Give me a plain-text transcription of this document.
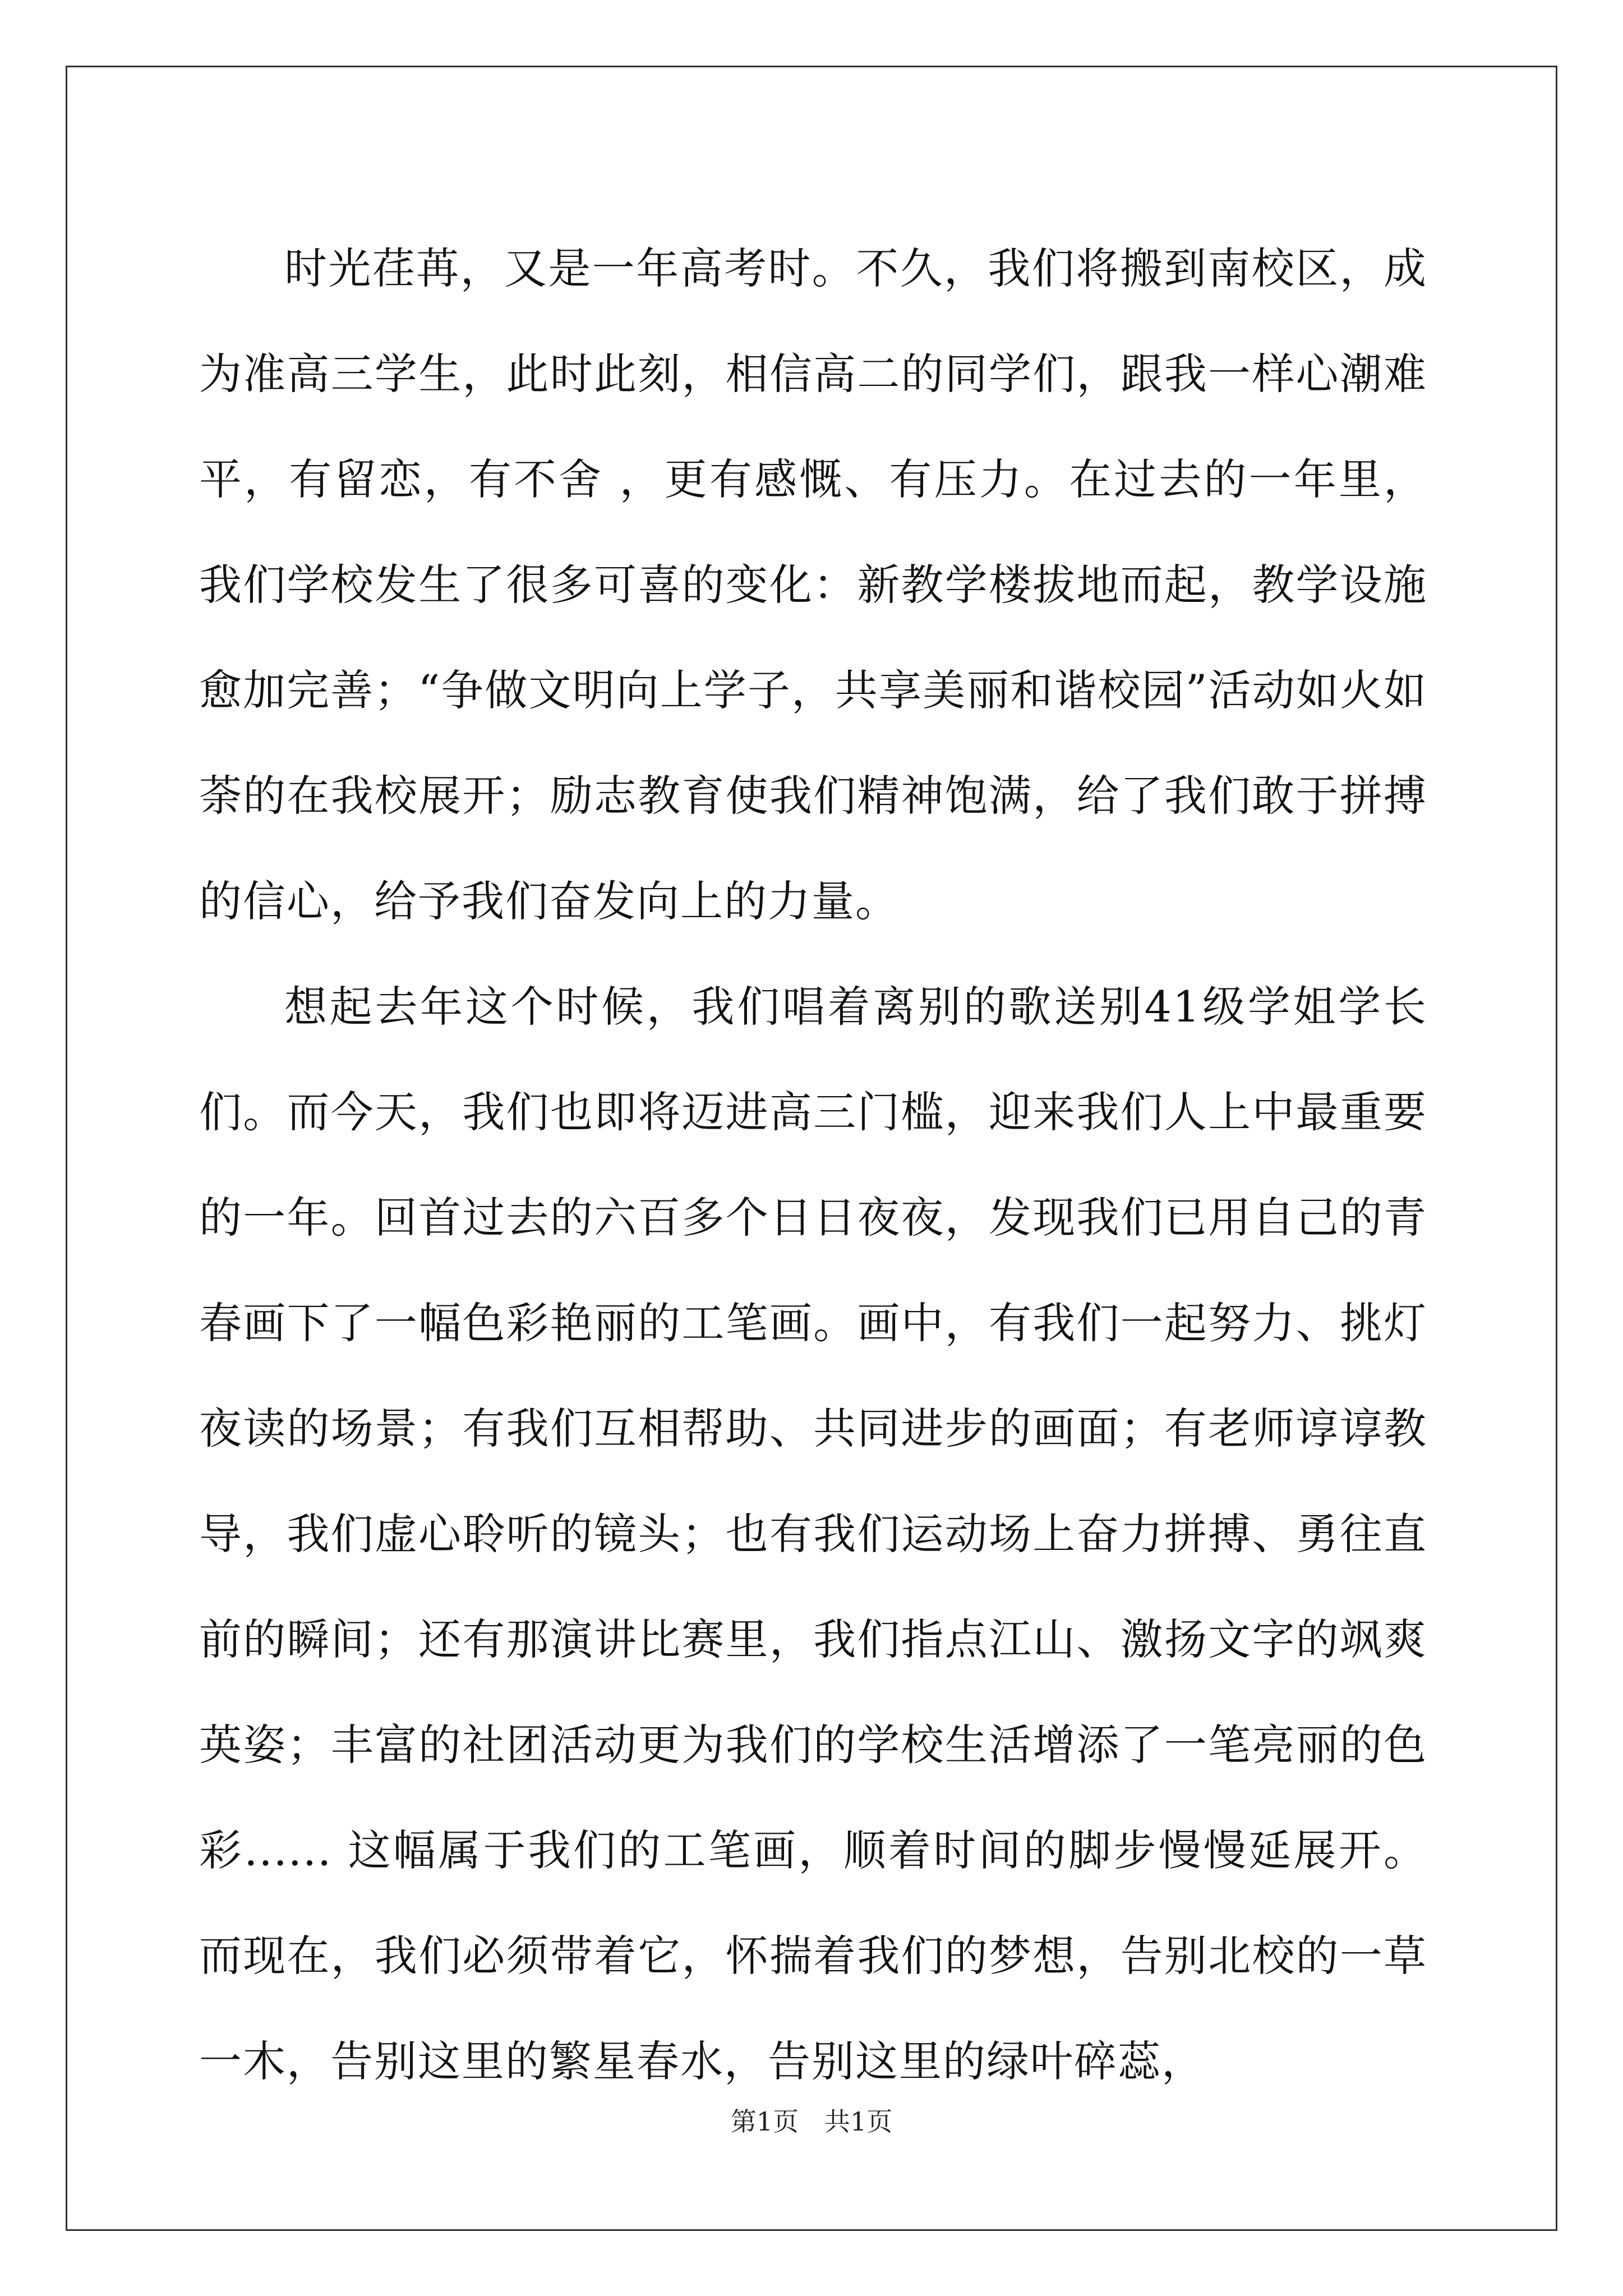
时光荏苒，又是一年高考时。不久，我们将搬到南校区，成为准高三学生，此时此刻，相信高二的同学们，跟我一样心潮难平，有留恋，有不舍 ，更有感慨、有压力。在过去的一年里，我们学校发生了很多可喜的变化：新教学楼拔地而起，教学设施愈加完善；“争做文明向上学子，共享美丽和谐校园”活动如火如荼的在我校展开；励志教育使我们精神饱满，给了我们敢于拼搏的信心，给予我们奋发向上的力量。

想起去年这个时候，我们唱着离别的歌送别41级学姐学长们。而今天，我们也即将迈进高三门槛，迎来我们人上中最重要的一年。回首过去的六百多个日日夜夜，发现我们已用自己的青春画下了一幅色彩艳丽的工笔画。画中，有我们一起努力、挑灯夜读的场景；有我们互相帮助、共同进步的画面；有老师谆谆教导，我们虚心聆听的镜头；也有我们运动场上奋力拼搏、勇往直前的瞬间；还有那演讲比赛里，我们指点江山、激扬文字的飒爽英姿；丰富的社团活动更为我们的学校生活增添了一笔亮丽的色彩...... 这幅属于我们的工笔画，顺着时间的脚步慢慢延展开。而现在，我们必须带着它，怀揣着我们的梦想，告别北校的一草一木，告别这里的繁星春水，告别这里的绿叶碎蕊，

第1页 共1页
